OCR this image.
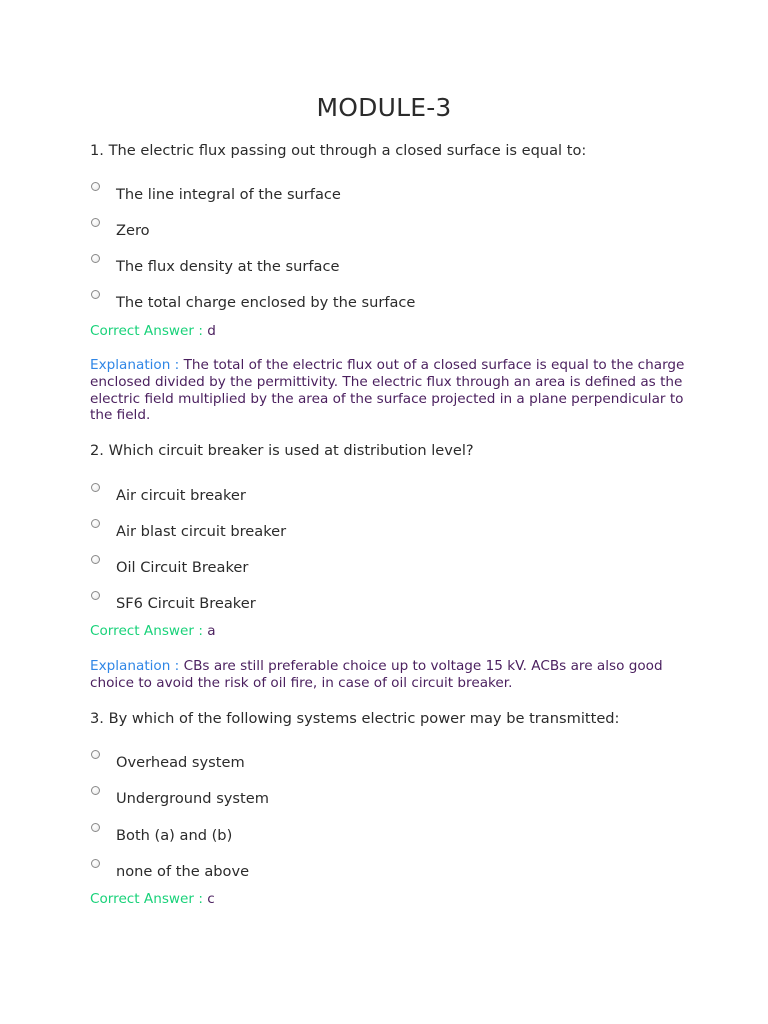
MODULE-3
1. The electric flux passing out through a closed surface is equal to:
The line integral of the surface
Zero
The flux density at the surface
The total charge enclosed by the surface
Correct Answer : d
Explanation : The total of the electric flux out of a closed surface is equal to the charge enclosed divided by the permittivity. The electric flux through an area is defined as the electric field multiplied by the area of the surface projected in a plane perpendicular to the field.
2. Which circuit breaker is used at distribution level?
Air circuit breaker
Air blast circuit breaker
Oil Circuit Breaker
SF6 Circuit Breaker
Correct Answer : a
Explanation : CBs are still preferable choice up to voltage 15 kV. ACBs are also good choice to avoid the risk of oil fire, in case of oil circuit breaker.
3. By which of the following systems electric power may be transmitted:
Overhead system
Underground system
Both (a) and (b)
none of the above
Correct Answer : c
